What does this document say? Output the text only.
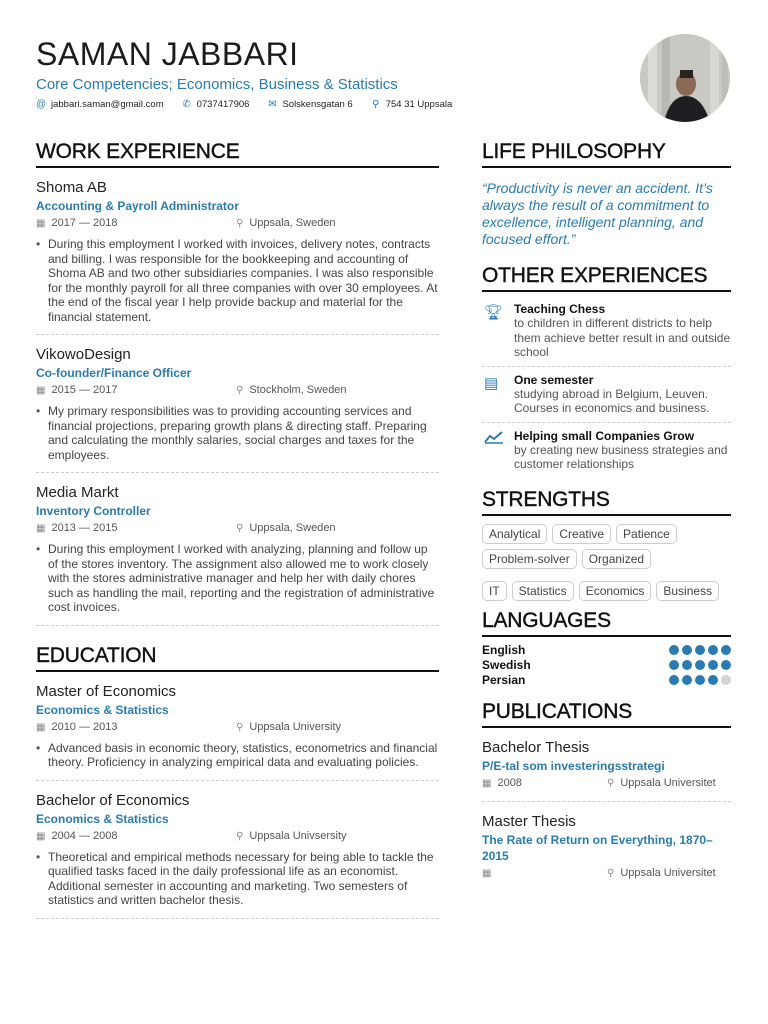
SAMAN JABBARI
Core Competencies; Economics, Business & Statistics
@ jabbari.saman@gmail.com ✆ 0737417906 ✉ Solskensgatan 6 ⚲ 754 31 Uppsala
WORK EXPERIENCE
Shoma AB
Accounting & Payroll Administrator
▦ 2017 — 2018	⚲ Uppsala, Sweden
• During this employment I worked with invoices, delivery notes, contracts and billing. I was responsible for the bookkeeping and accounting of Shoma AB and two other subsidiaries companies. I was also responsible for the monthly payroll for all three companies with over 30 employees. At the end of the fiscal year I help provide backup and material for the financial statement.
VikowoDesign
Co-founder/Finance Officer
▦ 2015 — 2017	⚲ Stockholm, Sweden
• My primary responsibilities was to providing accounting services and financial projections, preparing growth plans & directing staff. Preparing and calculating the monthly salaries, social charges and taxes for the employees.
Media Markt
Inventory Controller
▦ 2013 — 2015	⚲ Uppsala, Sweden
• During this employment I worked with analyzing, planning and follow up of the stores inventory. The assignment also allowed me to work closely with the stores administrative manager and help her with daily chores such as handling the mail, reporting and the registration of administrative cost invoices.
EDUCATION
Master of Economics
Economics & Statistics
▦ 2010 — 2013	⚲ Uppsala University
• Advanced basis in economic theory, statistics, econometrics and financial theory. Proficiency in analyzing empirical data and evaluating policies.
Bachelor of Economics
Economics & Statistics
▦ 2004 — 2008	⚲ Uppsala Univsersity
• Theoretical and empirical methods necessary for being able to tackle the qualified tasks faced in the daily professional life as an economist. Additional semester in accounting and marketing. Two semesters of statistics and written bachelor thesis.
LIFE PHILOSOPHY
“Productivity is never an accident. It’s always the result of a commitment to excellence, intelligent planning, and focused effort.”
OTHER EXPERIENCES
🏆︎ Teaching Chess
to children in different districts to help them achieve better result in and outside school
▤	One semester
studying abroad in Belgium, Leuven. Courses in economics and business.
Helping small Companies Grow
by creating new business strategies and customer relationships
STRENGTHS
Analytical	Creative	Patience
Problem-solver	Organized
IT	Statistics	Economics	Business
LANGUAGES
English
Swedish
Persian
PUBLICATIONS
Bachelor Thesis
P/E-tal som investeringsstrategi
▦ 2008	⚲ Uppsala Universitet
Master Thesis
The Rate of Return on Everything, 1870–2015
▦	⚲ Uppsala Universitet
